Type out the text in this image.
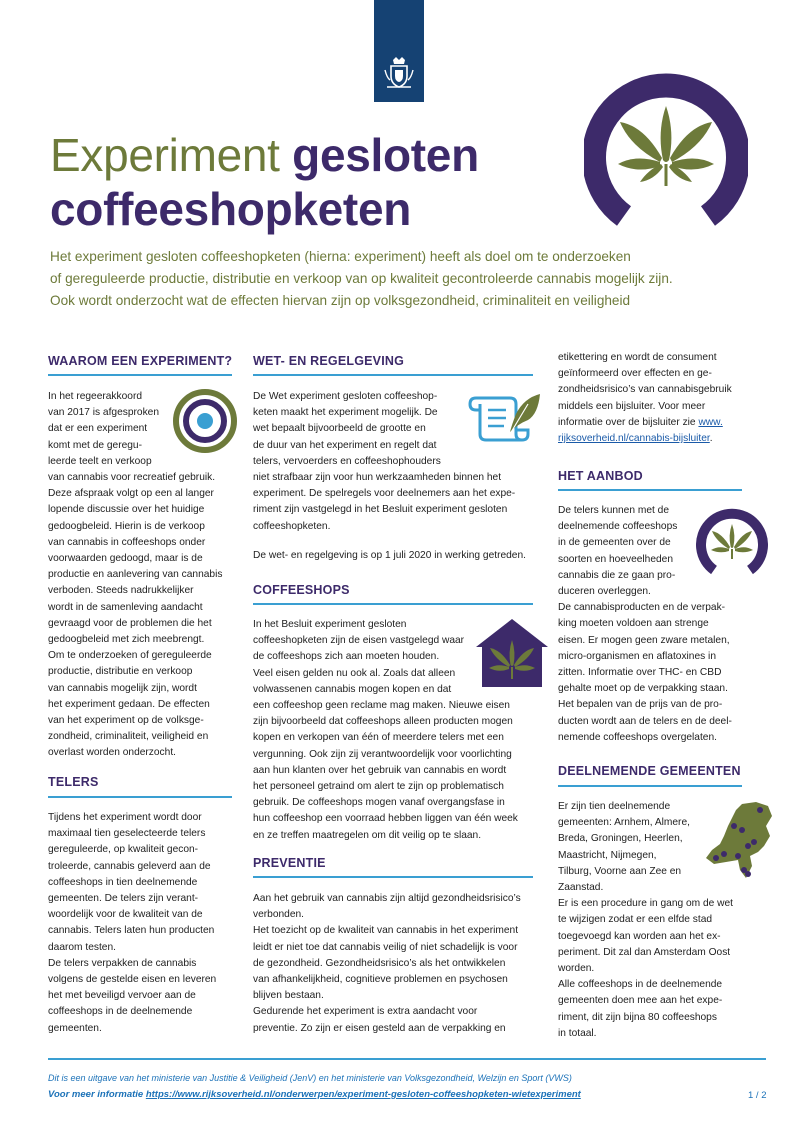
Experiment gesloten
coffeeshopketen
Het experiment gesloten coffeeshopketen (hierna: experiment) heeft als doel om te onderzoeken
of gereguleerde productie, distributie en verkoop van op kwaliteit gecontroleerde cannabis mogelijk zijn.
Ook wordt onderzocht wat de effecten hiervan zijn op volksgezondheid, criminaliteit en veiligheid
WAAROM EEN EXPERIMENT?

In het regeerakkoord

van 2017 is afgesproken

dat er een experiment

komt met de geregu-

leerde teelt en verkoop

van cannabis voor recreatief gebruik.

Deze afspraak volgt op een al langer

lopende discussie over het huidige

gedoogbeleid. Hierin is de verkoop

van cannabis in coffeeshops onder

voorwaarden gedoogd, maar is de

productie en aanlevering van cannabis

verboden. Steeds nadrukkelijker

wordt in de samenleving aandacht

gevraagd voor de problemen die het

gedoogbeleid met zich meebrengt.

Om te onderzoeken of gereguleerde

productie, distributie en verkoop

van cannabis mogelijk zijn, wordt

het experiment gedaan. De effecten

van het experiment op de volksge-

zondheid, criminaliteit, veiligheid en

overlast worden onderzocht.

TELERS

Tijdens het experiment wordt door

maximaal tien geselecteerde telers

gereguleerde, op kwaliteit gecon-

troleerde, cannabis geleverd aan de

coffeeshops in tien deelnemende

gemeenten. De telers zijn verant-

woordelijk voor de kwaliteit van de

cannabis. Telers laten hun producten

daarom testen.

De telers verpakken de cannabis

volgens de gestelde eisen en leveren

het met beveiligd vervoer aan de

coffeeshops in de deelnemende

gemeenten.

WET- EN REGELGEVING

De Wet experiment gesloten coffeeshop-

keten maakt het experiment mogelijk. De

wet bepaalt bijvoorbeeld de grootte en

de duur van het experiment en regelt dat

telers, vervoerders en coffeeshophouders

niet strafbaar zijn voor hun werkzaamheden binnen het

experiment. De spelregels voor deelnemers aan het expe-

riment zijn vastgelegd in het Besluit experiment gesloten

coffeeshopketen.

De wet- en regelgeving is op 1 juli 2020 in werking getreden.
COFFEESHOPS

In het Besluit experiment gesloten

coffeeshopketen zijn de eisen vastgelegd waar

de coffeeshops zich aan moeten houden.

Veel eisen gelden nu ook al. Zoals dat alleen

volwassenen cannabis mogen kopen en dat

een coffeeshop geen reclame mag maken. Nieuwe eisen

zijn bijvoorbeeld dat coffeeshops alleen producten mogen

kopen en verkopen van één of meerdere telers met een

vergunning. Ook zijn zij verantwoordelijk voor voorlichting

aan hun klanten over het gebruik van cannabis en wordt

het personeel getraind om alert te zijn op problematisch

gebruik. De coffeeshops mogen vanaf overgangsfase in

hun coffeeshop een voorraad hebben liggen van één week

en ze treffen maatregelen om dit veilig op te slaan.

PREVENTIE

Aan het gebruik van cannabis zijn altijd gezondheidsrisico’s

verbonden.

Het toezicht op de kwaliteit van cannabis in het experiment

leidt er niet toe dat cannabis veilig of niet schadelijk is voor

de gezondheid. Gezondheidsrisico’s als het ontwikkelen

van afhankelijkheid, cognitieve problemen en psychosen

blijven bestaan.

Gedurende het experiment is extra aandacht voor

preventie. Zo zijn er eisen gesteld aan de verpakking en

etikettering en wordt de consument

geïnformeerd over effecten en ge-

zondheidsrisico’s van cannabisgebruik

middels een bijsluiter. Voor meer

informatie over de bijsluiter zie www.

rijksoverheid.nl/cannabis-bijsluiter.

HET AANBOD

De telers kunnen met de

deelnemende coffeeshops

in de gemeenten over de

soorten en hoeveelheden

cannabis die ze gaan pro-

duceren overleggen.

De cannabisproducten en de verpak-

king moeten voldoen aan strenge

eisen. Er mogen geen zware metalen,

micro-organismen en aflatoxines in

zitten. Informatie over THC- en CBD

gehalte moet op de verpakking staan.

Het bepalen van de prijs van de pro-

ducten wordt aan de telers en de deel-

nemende coffeeshops overgelaten.

DEELNEMENDE GEMEENTEN

Er zijn tien deelnemende

gemeenten: Arnhem, Almere,

Breda, Groningen, Heerlen,

Maastricht, Nijmegen,

Tilburg, Voorne aan Zee en

Zaanstad.

Er is een procedure in gang om de wet

te wijzigen zodat er een elfde stad

toegevoegd kan worden aan het ex-

periment. Dit zal dan Amsterdam Oost

worden.

Alle coffeeshops in de deelnemende

gemeenten doen mee aan het expe-

riment, dit zijn bijna 80 coffeeshops

in totaal.

Dit is een uitgave van het ministerie van Justitie & Veiligheid (JenV) en het ministerie van Volksgezondheid, Welzijn en Sport (VWS)
Voor meer informatie https://www.rijksoverheid.nl/onderwerpen/experiment-gesloten-coffeeshopketen-wietexperiment	1 / 2
